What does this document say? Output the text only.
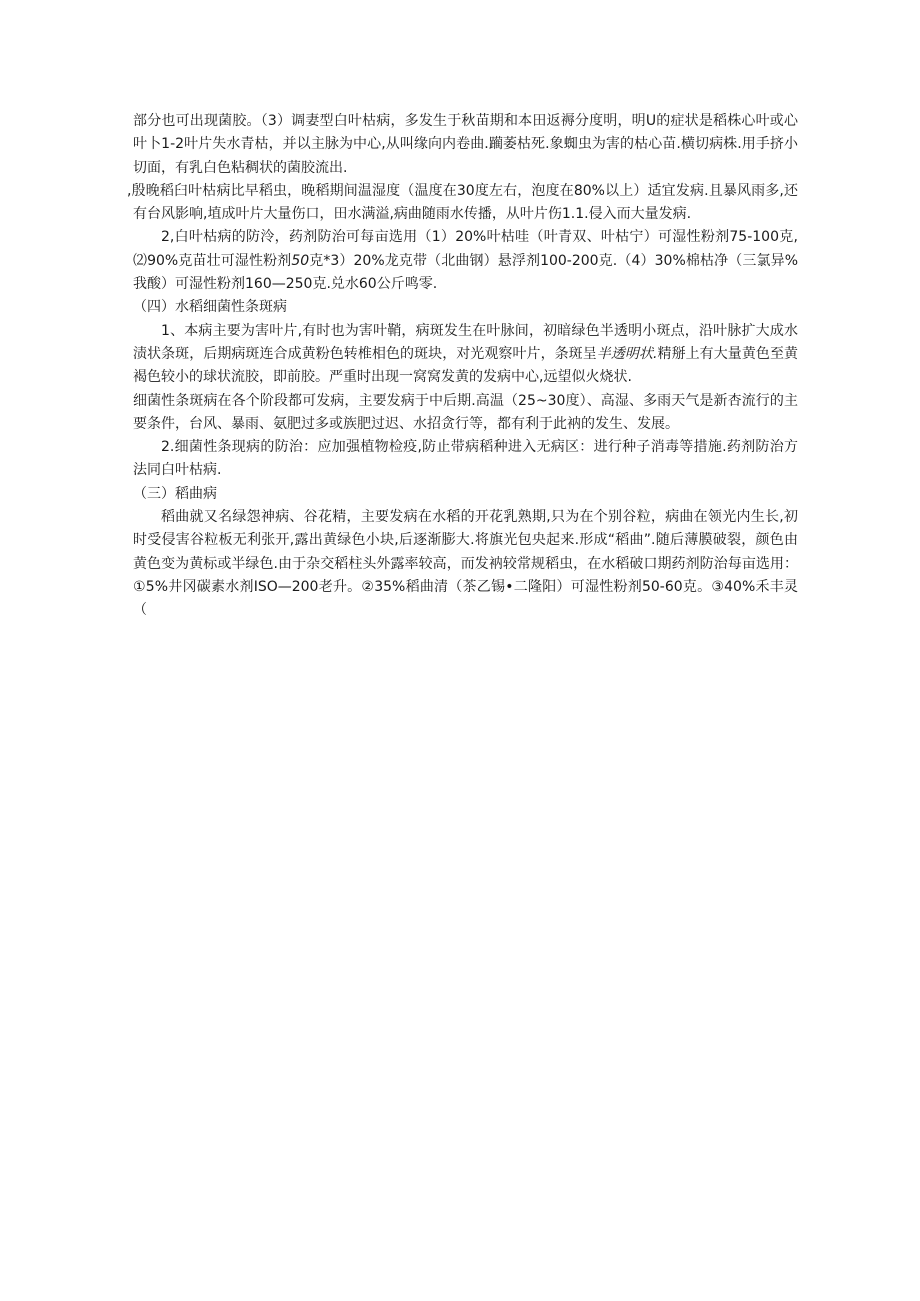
部分也可出现菌胶。（3）调妻型白叶枯病，多发生于秋苗期和本田返褥分度明，明U的症状是稻株心叶或心叶卜1-2叶片失水青枯，并以主脉为中心,从叫缘向内卷曲.躏萎枯死.象蜘虫为害的枯心苗.横切病株.用手挤小切面，有乳白色粘稠状的菌胶流出.

,殷晚稻臼叶枯病比早稻虫，晚稻期间温湿度（温度在30度左右，泡度在80%以上）适宜发病.且暴风雨多,还有台风影响,埴成叶片大量伤口，田水满溢,病曲随雨水传播，从叶片伤1.1.侵入而大量发病.

2,白叶枯病的防泠，药剂防治可每亩选用（1）20%叶枯哇（叶青双、叶枯宁）可湿性粉剂75-100克,⑵90%克苗壮可湿性粉剂50克*3）20%龙克带（北曲钢）悬浮剂100-200克.（4）30%棉枯净（三氯异%我酸）可湿性粉剂160—250克.兑水60公斤鸣零.

（四）水稻细菌性条斑病

1、本病主要为害叶片,有时也为害叶鞘，病斑发生在叶脉间，初暗绿色半透明小斑点，沿叶脉扩大成水渍状条斑，后期病斑连合成黄粉色转椎相色的斑块，对光观察叶片，条斑呈半透明状.精掰上有大量黄色至黄褐色较小的球状流胶，即前胶。严重时出现一窝窝发黄的发病中心,远望似火烧状.

细菌性条斑病在各个阶段都可发病，主要发病于中后期.高温（25~30度）、高湿、多雨天气是新杏流行的主要条件，台风、暴雨、氨肥过多或族肥过迟、水招贪行等，都有利于此衲的发生、发展。

2.细菌性条现病的防治：应加强植物检疫,防止带病稻种进入无病区：进行种子消毒等措施.药剂防治方法同白叶枯病.

（三）稻曲病

稻曲就又名绿怨神病、谷花精，主要发病在水稻的开花乳熟期,只为在个别谷粒，病曲在领光内生长,初时受侵害谷粒板无利张开,露出黄绿色小块,后逐渐膨大.将旗光包央起来.形成“稻曲”.随后薄膜破裂，颜色由黄色变为黄标或半绿色.由于杂交稻柱头外露率较高，而发衲较常规稻虫，在水稻破口期药剂防治每亩选用：①5%井冈碳素水剂ISO—200老升。②35%稻曲清（茶乙锡•二隆阳）可湿性粉剂50-60克。③40%禾丰灵（
